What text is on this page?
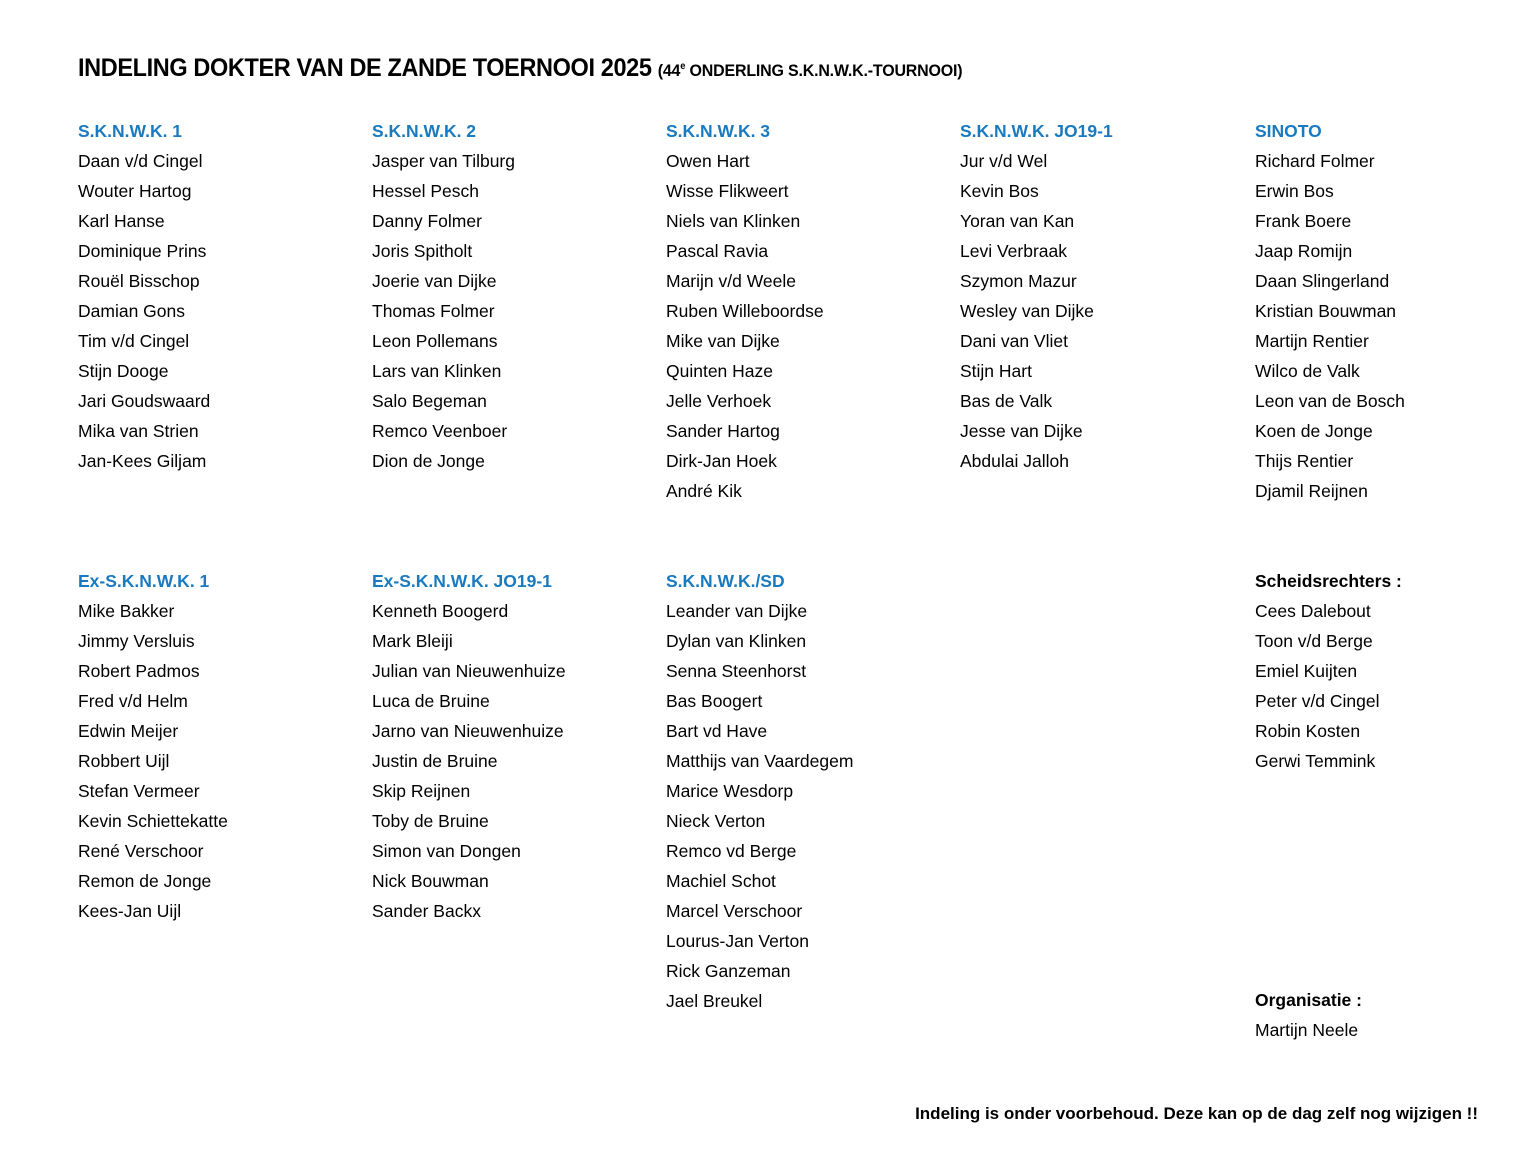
INDELING DOKTER VAN DE ZANDE TOERNOOI 2025 (44e ONDERLING S.K.N.W.K.-TOURNOOI)
S.K.N.W.K. 1
Daan v/d Cingel
Wouter Hartog
Karl Hanse
Dominique Prins
Rouël Bisschop
Damian Gons
Tim v/d Cingel
Stijn Dooge
Jari Goudswaard
Mika van Strien
Jan-Kees Giljam
S.K.N.W.K. 2
Jasper van Tilburg
Hessel Pesch
Danny Folmer
Joris Spitholt
Joerie van Dijke
Thomas Folmer
Leon Pollemans
Lars van Klinken
Salo Begeman
Remco Veenboer
Dion de Jonge
S.K.N.W.K. 3
Owen Hart
Wisse Flikweert
Niels van Klinken
Pascal Ravia
Marijn v/d Weele
Ruben Willeboordse
Mike van Dijke
Quinten Haze
Jelle Verhoek
Sander Hartog
Dirk-Jan Hoek
André Kik
S.K.N.W.K. JO19-1
Jur v/d Wel
Kevin Bos
Yoran van Kan
Levi Verbraak
Szymon Mazur
Wesley van Dijke
Dani van Vliet
Stijn Hart
Bas de Valk
Jesse van Dijke
Abdulai Jalloh
SINOTO
Richard Folmer
Erwin Bos
Frank Boere
Jaap Romijn
Daan Slingerland
Kristian Bouwman
Martijn Rentier
Wilco de Valk
Leon van de Bosch
Koen de Jonge
Thijs Rentier
Djamil Reijnen
Ex-S.K.N.W.K. 1
Mike Bakker
Jimmy Versluis
Robert Padmos
Fred v/d Helm
Edwin Meijer
Robbert Uijl
Stefan Vermeer
Kevin Schiettekatte
René Verschoor
Remon de Jonge
Kees-Jan Uijl
Ex-S.K.N.W.K. JO19-1
Kenneth Boogerd
Mark Bleiji
Julian van Nieuwenhuize
Luca de Bruine
Jarno van Nieuwenhuize
Justin de Bruine
Skip Reijnen
Toby de Bruine
Simon van Dongen
Nick Bouwman
Sander Backx
S.K.N.W.K./SD
Leander van Dijke
Dylan van Klinken
Senna Steenhorst
Bas Boogert
Bart vd Have
Matthijs van Vaardegem
Marice Wesdorp
Nieck Verton
Remco vd Berge
Machiel Schot
Marcel Verschoor
Lourus-Jan Verton
Rick Ganzeman
Jael Breukel
Scheidsrechters :
Cees Dalebout
Toon v/d Berge
Emiel Kuijten
Peter v/d Cingel
Robin Kosten
Gerwi Temmink
Organisatie :
Martijn Neele
Indeling is onder voorbehoud. Deze kan op de dag zelf nog wijzigen !!
